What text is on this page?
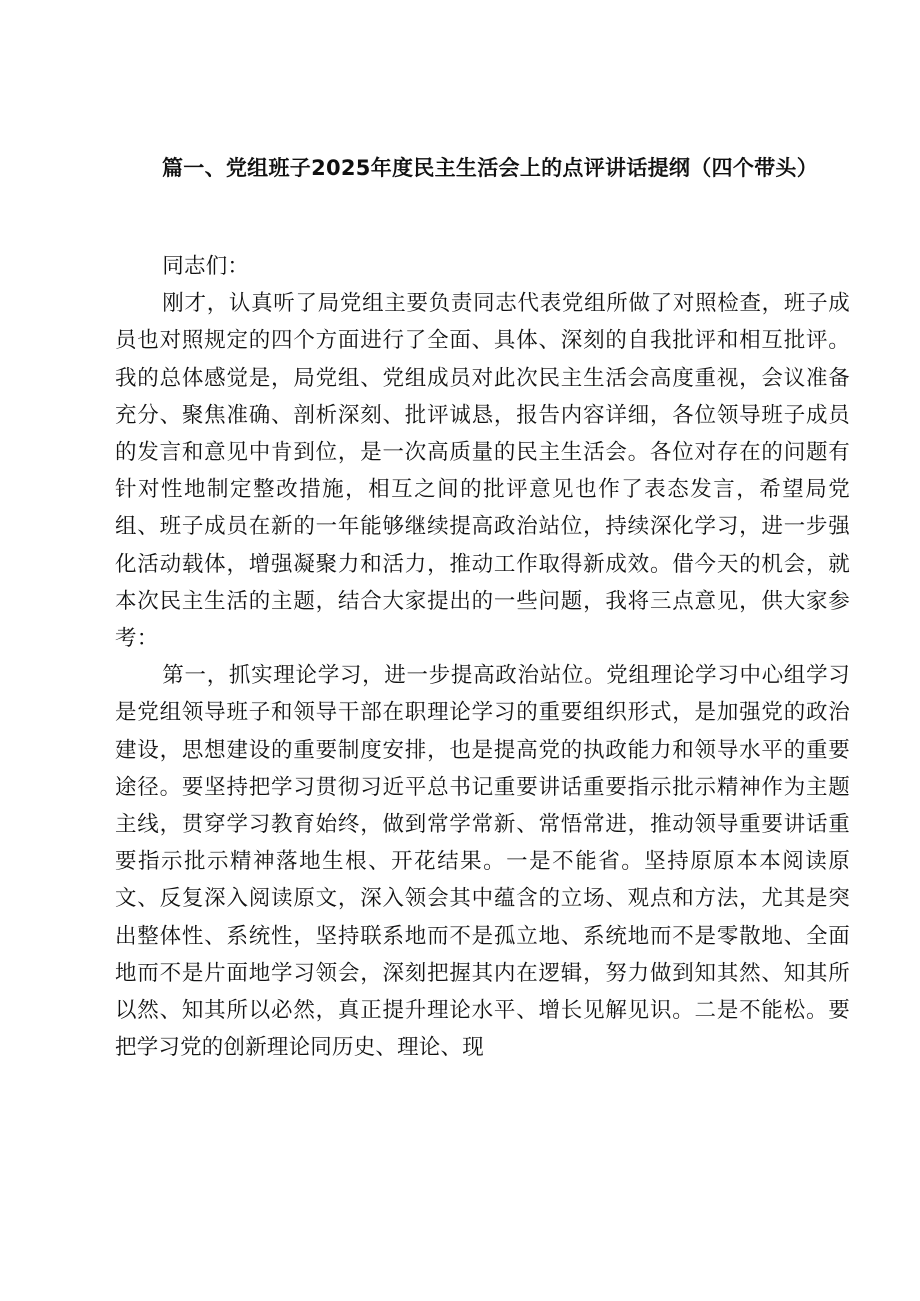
篇一、党组班子2025年度民主生活会上的点评讲话提纲（四个带头）

同志们：

刚才，认真听了局党组主要负责同志代表党组所做了对照检查，班子成员也对照规定的四个方面进行了全面、具体、深刻的自我批评和相互批评。我的总体感觉是，局党组、党组成员对此次民主生活会高度重视，会议准备充分、聚焦准确、剖析深刻、批评诚恳，报告内容详细，各位领导班子成员的发言和意见中肯到位，是一次高质量的民主生活会。各位对存在的问题有针对性地制定整改措施，相互之间的批评意见也作了表态发言，希望局党组、班子成员在新的一年能够继续提高政治站位，持续深化学习，进一步强化活动载体，增强凝聚力和活力，推动工作取得新成效。借今天的机会，就本次民主生活的主题，结合大家提出的一些问题，我将三点意见，供大家参考：

第一，抓实理论学习，进一步提高政治站位。党组理论学习中心组学习是党组领导班子和领导干部在职理论学习的重要组织形式，是加强党的政治建设，思想建设的重要制度安排，也是提高党的执政能力和领导水平的重要途径。要坚持把学习贯彻习近平总书记重要讲话重要指示批示精神作为主题主线，贯穿学习教育始终，做到常学常新、常悟常进，推动领导重要讲话重要指示批示精神落地生根、开花结果。一是不能省。坚持原原本本阅读原文、反复深入阅读原文，深入领会其中蕴含的立场、观点和方法，尤其是突出整体性、系统性，坚持联系地而不是孤立地、系统地而不是零散地、全面地而不是片面地学习领会，深刻把握其内在逻辑，努力做到知其然、知其所以然、知其所以必然，真正提升理论水平、增长见解见识。二是不能松。要把学习党的创新理论同历史、理论、现
